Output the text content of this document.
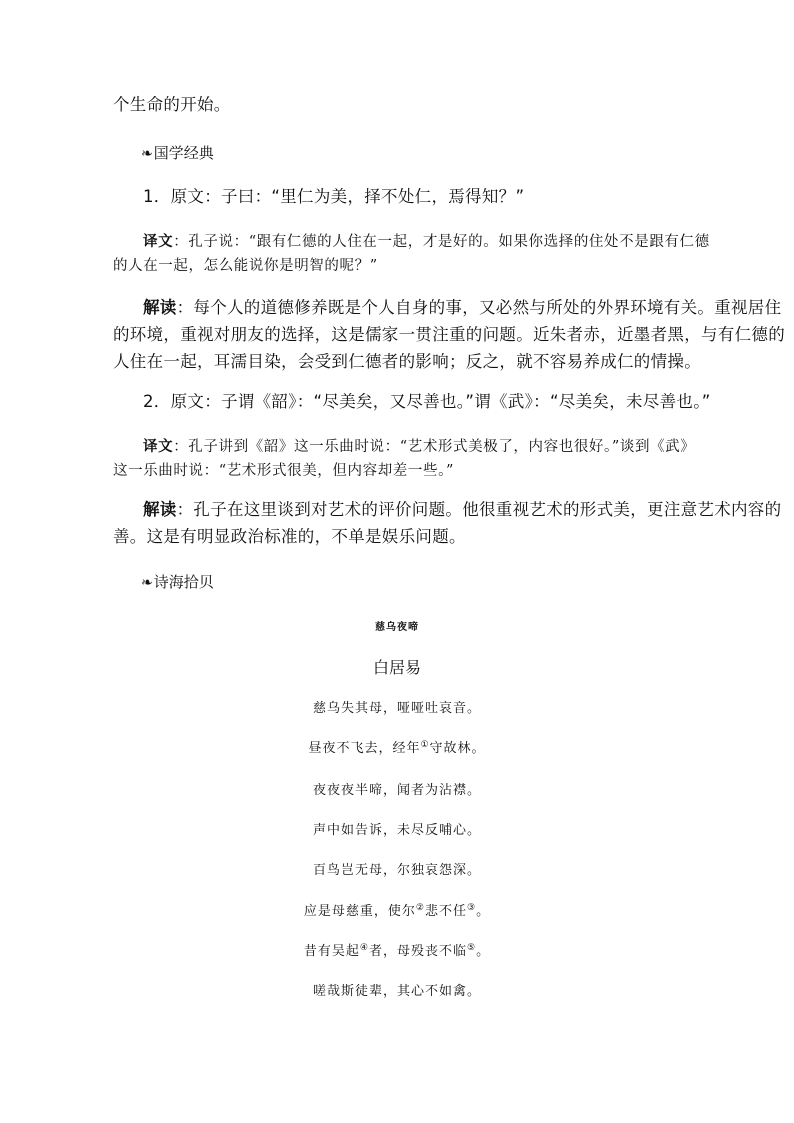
个生命的开始。
❧国学经典
1．原文：子曰：“里仁为美，择不处仁，焉得知？”
译文：孔子说：“跟有仁德的人住在一起，才是好的。如果你选择的住处不是跟有仁德
的人在一起，怎么能说你是明智的呢？”
解读：每个人的道德修养既是个人自身的事，又必然与所处的外界环境有关。重视居住
的环境，重视对朋友的选择，这是儒家一贯注重的问题。近朱者赤，近墨者黑，与有仁德的
人住在一起，耳濡目染，会受到仁德者的影响；反之，就不容易养成仁的情操。
2．原文：子谓《韶》：“尽美矣，又尽善也。”谓《武》：“尽美矣，未尽善也。”
译文：孔子讲到《韶》这一乐曲时说：“艺术形式美极了，内容也很好。”谈到《武》
这一乐曲时说：“艺术形式很美，但内容却差一些。”
解读：孔子在这里谈到对艺术的评价问题。他很重视艺术的形式美，更注意艺术内容的
善。这是有明显政治标准的，不单是娱乐问题。
❧诗海拾贝
慈乌夜啼
白居易
慈乌失其母，哑哑吐哀音。
昼夜不飞去，经年①守故林。
夜夜夜半啼，闻者为沾襟。
声中如告诉，未尽反哺心。
百鸟岂无母，尔独哀怨深。
应是母慈重，使尔②悲不任③。
昔有吴起④者，母殁丧不临⑤。
嗟哉斯徒辈，其心不如禽。
